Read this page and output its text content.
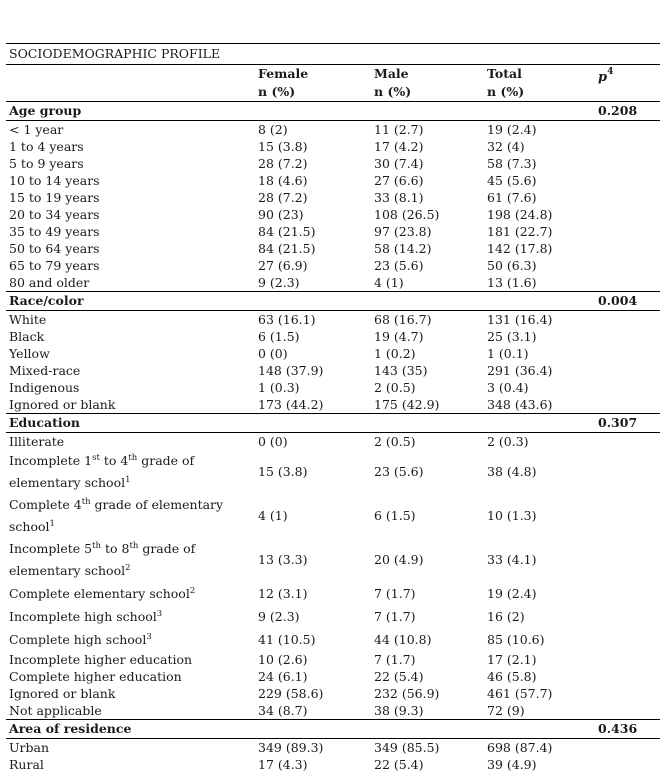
SOCIODEMOGRAPHIC PROFILE
Female	Male	Total	$p^4$
n (%)	n (%)	n (%)
Age group	0.208
< 1 year	8 (2)	11 (2.7)	19 (2.4)
1 to 4 years	15 (3.8)	17 (4.2)	32 (4)
5 to 9 years	28 (7.2)	30 (7.4)	58 (7.3)
10 to 14 years	18 (4.6)	27 (6.6)	45 (5.6)
15 to 19 years	28 (7.2)	33 (8.1)	61 (7.6)
20 to 34 years	90 (23)	108 (26.5)	198 (24.8)
35 to 49 years	84 (21.5)	97 (23.8)	181 (22.7)
50 to 64 years	84 (21.5)	58 (14.2)	142 (17.8)
65 to 79 years	27 (6.9)	23 (5.6)	50 (6.3)
80 and older	9 (2.3)	4 (1)	13 (1.6)
Race/color	0.004
White	63 (16.1)	68 (16.7)	131 (16.4)
Black	6 (1.5)	19 (4.7)	25 (3.1)
Yellow	0 (0)	1 (0.2)	1 (0.1)
Mixed-race	148 (37.9)	143 (35)	291 (36.4)
Indigenous	1 (0.3)	2 (0.5)	3 (0.4)
Ignored or blank	173 (44.2)	175 (42.9)	348 (43.6)
Education	0.307
Illiterate	0 (0)	2 (0.5)	2 (0.3)
Incomplete 1st to 4th grade of elementary school$^1$
15 (3.8)	23 (5.6)	38 (4.8)
Complete 4th grade of elementary school$^1$
4 (1)	6 (1.5)	10 (1.3)
Incomplete 5th to 8th grade of elementary school$^2$
13 (3.3)	20 (4.9)	33 (4.1)
Complete elementary school$^2$	12 (3.1)	7 (1.7)	19 (2.4)
Incomplete high school$^3$	9 (2.3)	7 (1.7)	16 (2)
Complete high school$^3$	41 (10.5)	44 (10.8)	85 (10.6)
Incomplete higher education	10 (2.6)	7 (1.7)	17 (2.1)
Complete higher education	24 (6.1)	22 (5.4)	46 (5.8)
Ignored or blank	229 (58.6)	232 (56.9)	461 (57.7)
Not applicable	34 (8.7)	38 (9.3)	72 (9)
Area of residence	0.436
Urban	349 (89.3)	349 (85.5)	698 (87.4)
Rural	17 (4.3)	22 (5.4)	39 (4.9)
